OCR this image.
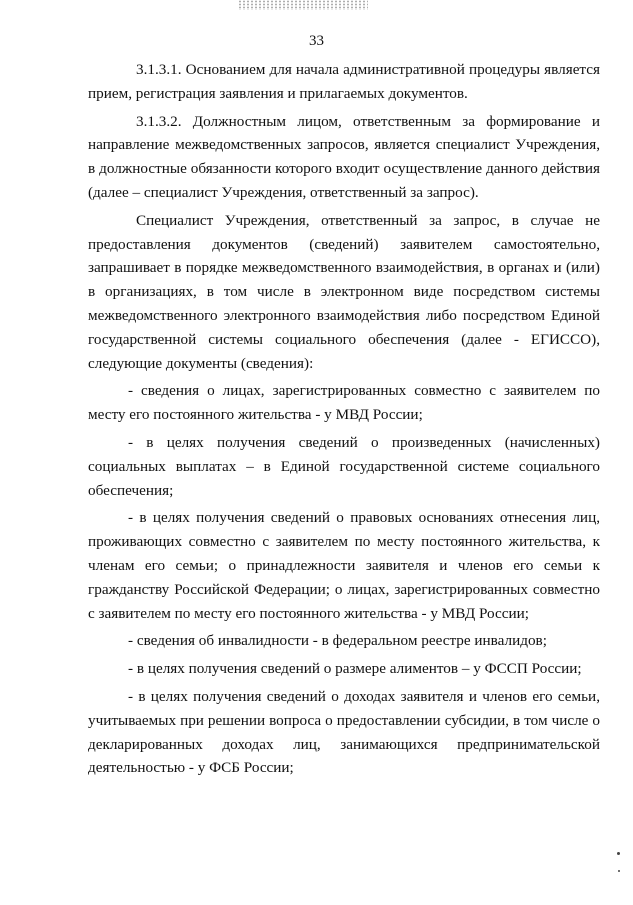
33

3.1.3.1. Основанием для начала административной процедуры является прием, регистрация заявления и прилагаемых документов.

3.1.3.2. Должностным лицом, ответственным за формирование и направление межведомственных запросов, является специалист Учреждения, в должностные обязанности которого входит осуществление данного действия (далее – специалист Учреждения, ответственный за запрос).

Специалист Учреждения, ответственный за запрос, в случае не предоставления документов (сведений) заявителем самостоятельно, запрашивает в порядке межведомственного взаимодействия, в органах и (или) в организациях, в том числе в электронном виде посредством системы межведомственного электронного взаимодействия либо посредством Единой государственной системы социального обеспечения (далее - ЕГИССО), следующие документы (сведения):

- сведения о лицах, зарегистрированных совместно с заявителем по месту его постоянного жительства - у МВД России;

- в целях получения сведений о произведенных (начисленных) социальных выплатах – в Единой государственной системе социального обеспечения;

- в целях получения сведений о правовых основаниях отнесения лиц, проживающих совместно с заявителем по месту постоянного жительства, к членам его семьи; о принадлежности заявителя и членов его семьи к гражданству Российской Федерации; о лицах, зарегистрированных совместно с заявителем по месту его постоянного жительства - у МВД России;

- сведения об инвалидности - в федеральном реестре инвалидов;

- в целях получения сведений о размере алиментов – у ФССП России;

- в целях получения сведений о доходах заявителя и членов его семьи, учитываемых при решении вопроса о предоставлении субсидии, в том числе о декларированных доходах лиц, занимающихся предпринимательской деятельностью - у ФСБ России;
